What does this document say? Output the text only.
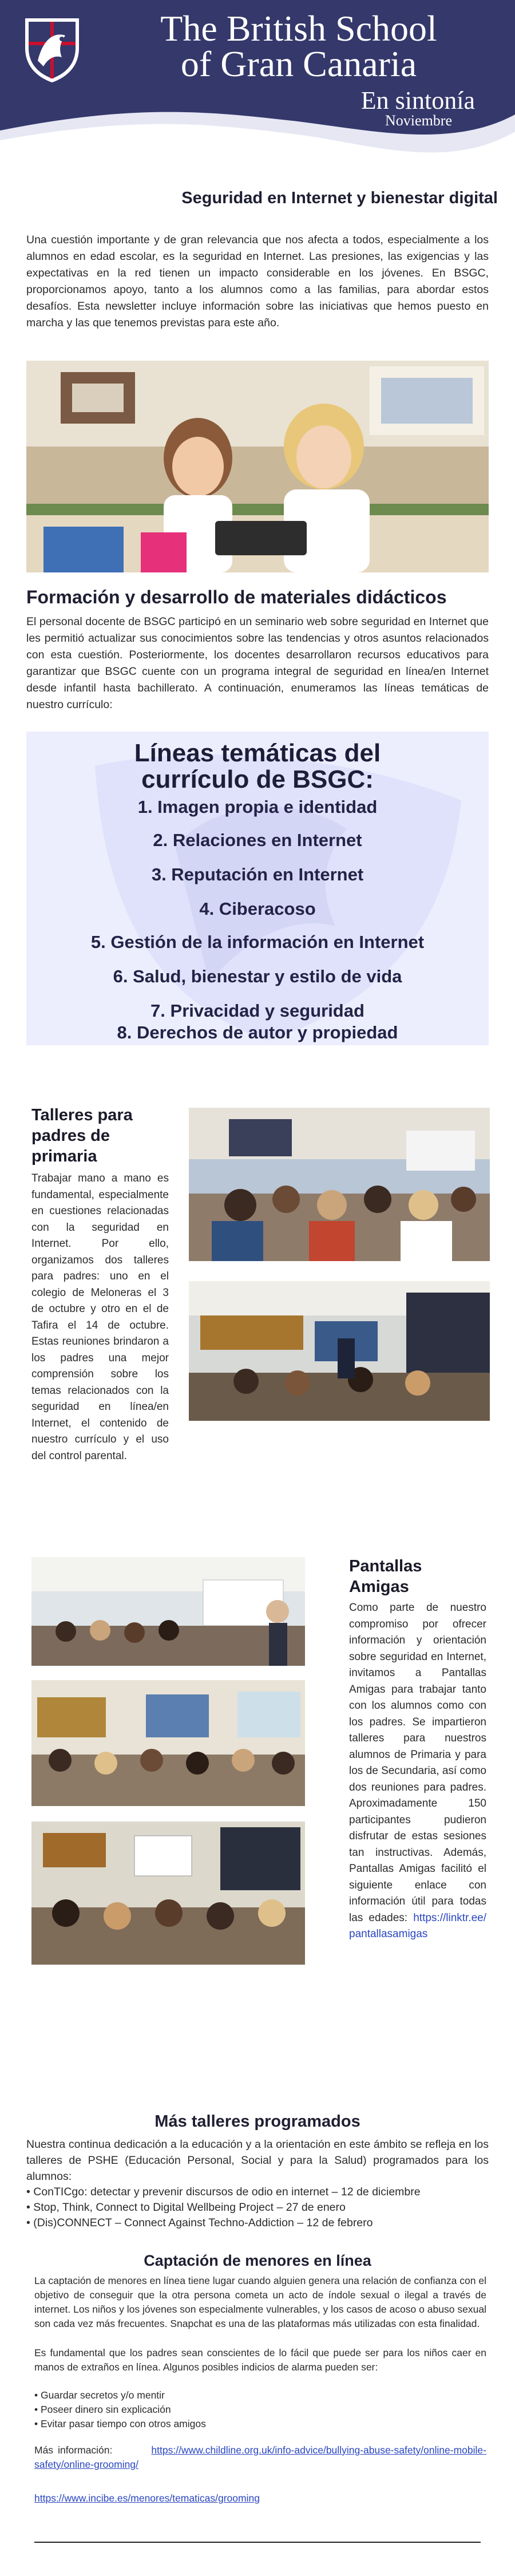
The British School
of Gran Canaria
En sintonía
Noviembre
Seguridad en Internet y bienestar digital
Una cuestión importante y de gran relevancia que nos afecta a todos, especialmente a los alumnos en edad escolar, es la seguridad en Internet. Las presiones, las exigencias y las expectativas en la red tienen un impacto considerable en los jóvenes. En BSGC, proporcionamos apoyo, tanto a los alumnos como a las familias, para abordar estos desafíos. Esta newsletter incluye información sobre las iniciativas que hemos puesto en marcha y las que tenemos previstas para este año.
Formación y desarrollo de materiales didácticos
El personal docente de BSGC participó en un seminario web sobre seguridad en Internet que les permitió actualizar sus conocimientos sobre las tendencias y otros asuntos relacionados con esta cuestión. Posteriormente, los docentes desarrollaron recursos educativos para garantizar que BSGC cuente con un programa integral de seguridad en línea/en Internet desde infantil hasta bachillerato. A continuación, enumeramos las líneas temáticas de nuestro currículo:
Líneas temáticas del
currículo de BSGC:
1. Imagen propia e identidad
2. Relaciones en Internet
3. Reputación en Internet
4. Ciberacoso
5. Gestión de la información en Internet
6. Salud, bienestar y estilo de vida
7. Privacidad y seguridad
8. Derechos de autor y propiedad
Talleres para
padres de
primaria
Trabajar mano a mano es fundamental, especialmente en cuestiones relacionadas con la seguridad en Internet. Por ello, organizamos dos talleres para padres: uno en el colegio de Meloneras el 3 de octubre y otro en el de Tafira el 14 de octubre. Estas reuniones brindaron a los padres una mejor comprensión sobre los temas relacionados con la seguridad en línea/en Internet, el contenido de nuestro currículo y el uso del control parental.
Pantallas
Amigas
Como parte de nuestro compromiso por ofrecer información y orientación sobre seguridad en Internet, invitamos a Pantallas Amigas para trabajar tanto con los alumnos como con los padres. Se impartieron talleres para nuestros alumnos de Primaria y para los de Secundaria, así como dos reuniones para padres. Aproximadamente 150 participantes pudieron disfrutar de estas sesiones tan instructivas. Además, Pantallas Amigas facilitó el siguiente enlace con información útil para todas las edades: https://linktr.ee/pantallasamigas
Más talleres programados
Nuestra continua dedicación a la educación y a la orientación en este ámbito se refleja en los talleres de PSHE (Educación Personal, Social y para la Salud) programados para los alumnos:
• ConTICgo: detectar y prevenir discursos de odio en internet – 12 de diciembre
• Stop, Think, Connect to Digital Wellbeing Project – 27 de enero
• (Dis)CONNECT – Connect Against Techno-Addiction – 12 de febrero
Captación de menores en línea
La captación de menores en línea tiene lugar cuando alguien genera una relación de confianza con el objetivo de conseguir que la otra persona cometa un acto de índole sexual o ilegal a través de internet. Los niños y los jóvenes son especialmente vulnerables, y los casos de acoso o abuso sexual son cada vez más frecuentes. Snapchat es una de las plataformas más utilizadas con esta finalidad.
Es fundamental que los padres sean conscientes de lo fácil que puede ser para los niños caer en manos de extraños en línea. Algunos posibles indicios de alarma pueden ser:
• Guardar secretos y/o mentir
• Poseer dinero sin explicación
• Evitar pasar tiempo con otros amigos
Más información:	https://www.childline.org.uk/info-advice/bullying-abuse-safety/online-mobile-safety/online-grooming/
https://www.incibe.es/menores/tematicas/grooming
